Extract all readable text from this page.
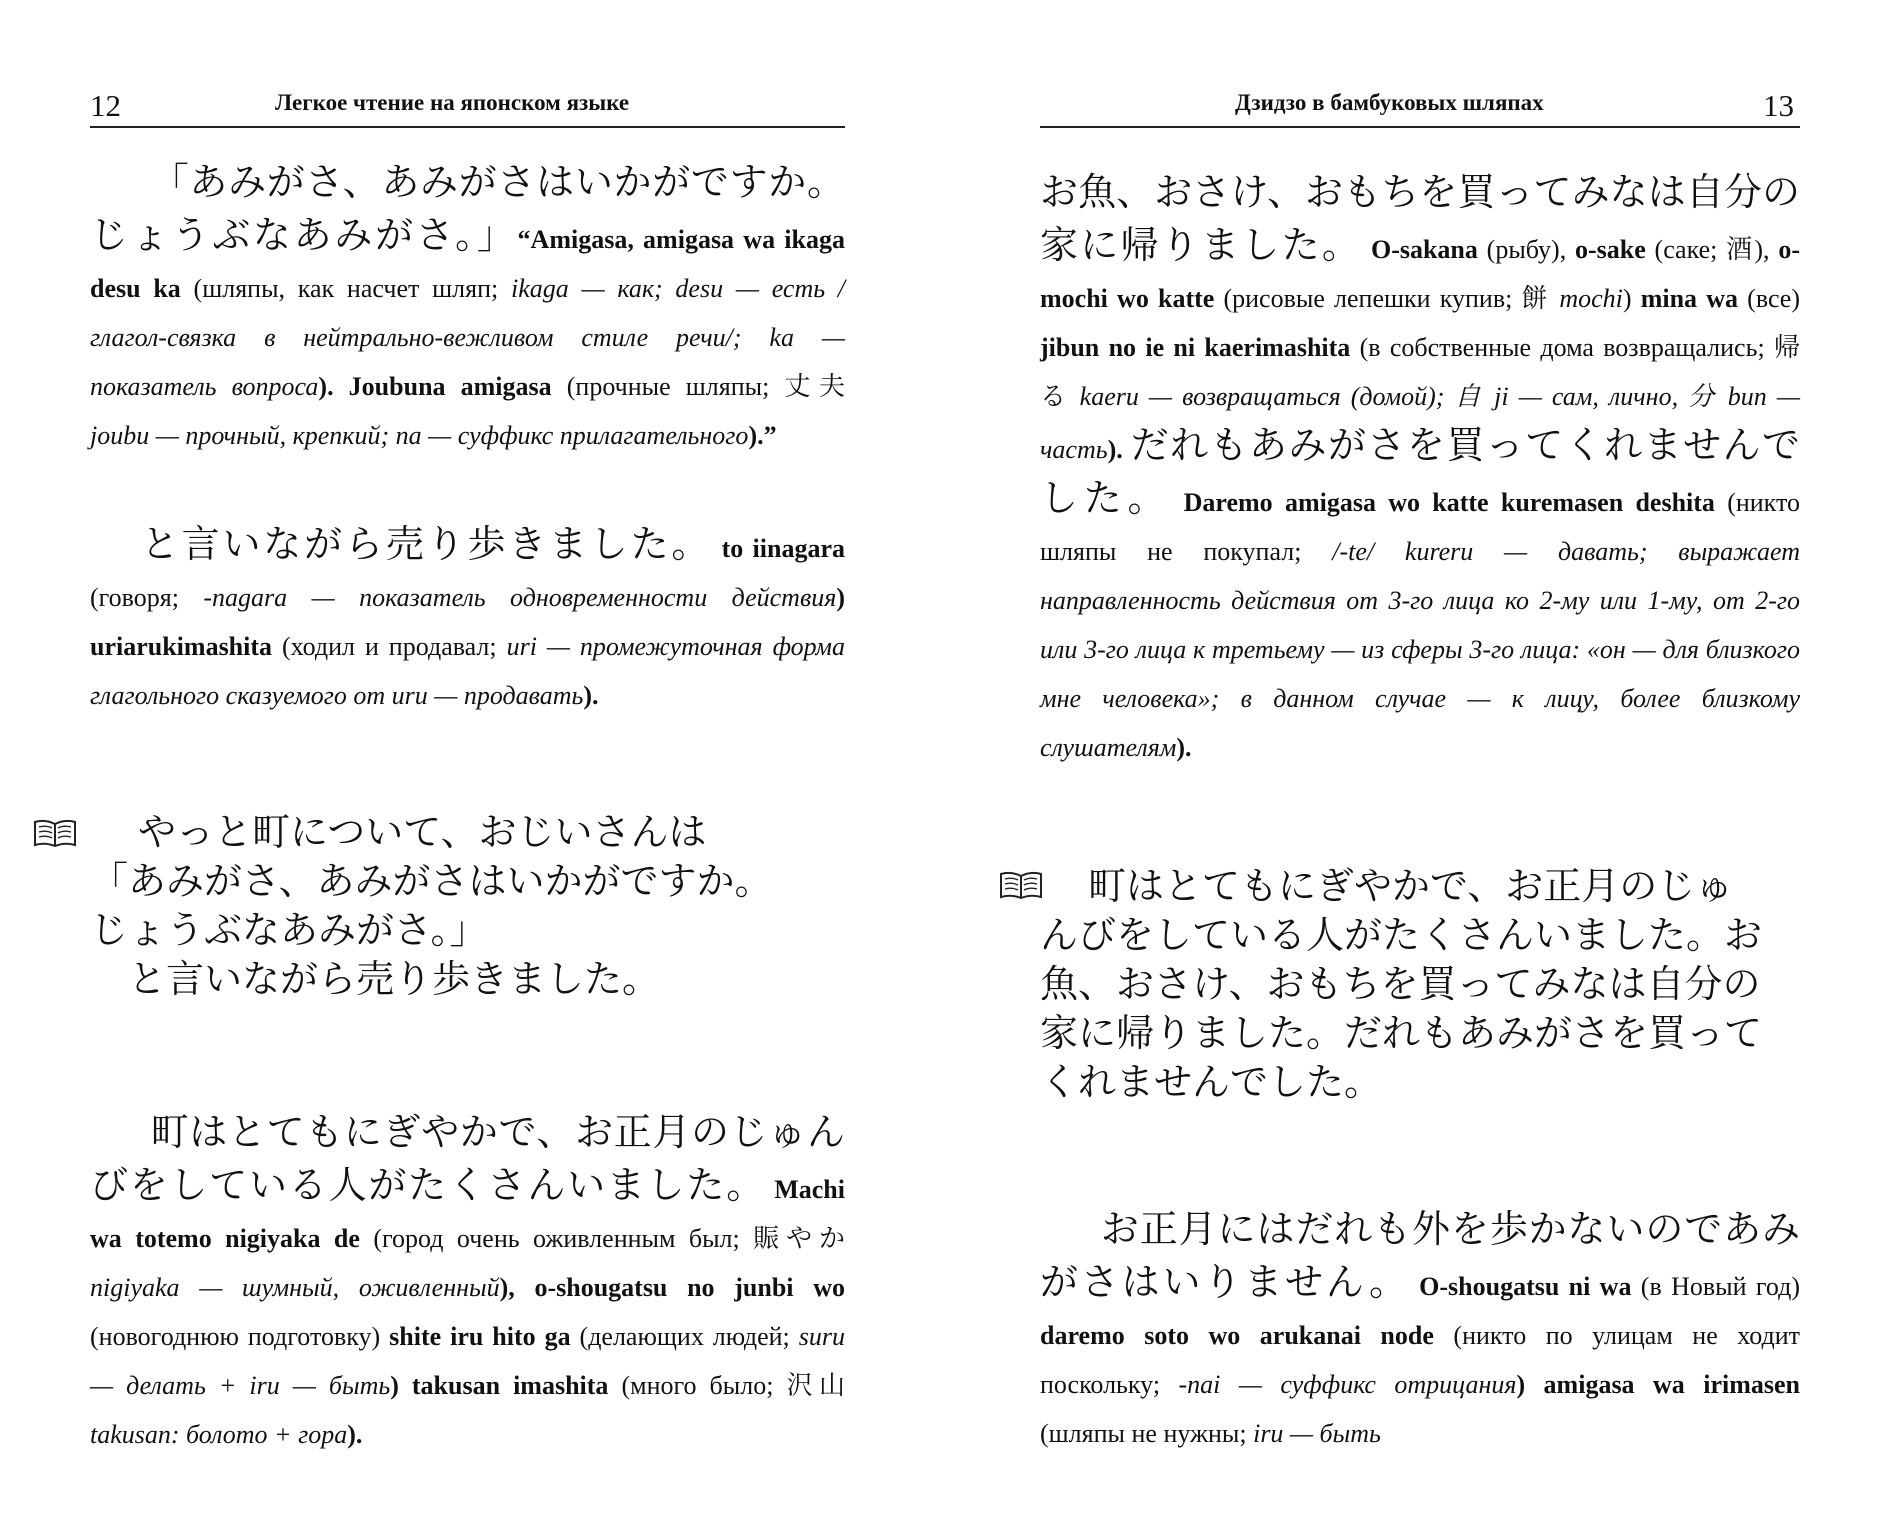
12	Легкое чтение на японском языке
「あみがさ、あみがさはいかがですか。じょうぶなあみがさ。」“Amigasa, amigasa wa ikaga desu ka (шляпы, как насчет шляп; ikaga — как; desu — есть /глагол-связка в нейтрально-вежливом стиле речи/; ka — показатель вопроса). Joubuna amigasa (прочные шляпы; 丈夫 joubu — прочный, крепкий; na — суффикс прилагательного).”
と言いながら売り歩きました。 to iinagara (говоря; -nagara — показатель одновременности действия) uriarukimashita (ходил и продавал; uri — промежуточная форма глагольного сказуемого от uru — продавать).
やっと町について、おじいさんは
「あみがさ、あみがさはいかがですか。
じょうぶなあみがさ。」
　と言いながら売り歩きました。
町はとてもにぎやかで、お正月のじゅんびをしている人がたくさんいました。 Machi wa totemo nigiyaka de (город очень оживленным был; 賑やか nigiyaka — шумный, оживленный), o-shougatsu no junbi wo (новогоднюю подготовку) shite iru hito ga (делающих людей; suru — делать + iru — быть) takusan imashita (много было; 沢山 takusan: болото + гора).
Дзидзо в бамбуковых шляпах	13
お魚、おさけ、おもちを買ってみなは自分の家に帰りました。 O-sakana (рыбу), o-sake (саке; 酒), o-mochi wo katte (рисовые лепешки купив; 餅 mochi) mina wa (все) jibun no ie ni kaerimashita (в собственные дома возвращались; 帰る kaeru — возвращаться (домой); 自 ji — сам, лично, 分 bun — часть). だれもあみがさを買ってくれませんでした。 Daremo amigasa wo katte kuremasen deshita (никто шляпы не покупал; /-te/ kureru — давать; выражает направленность действия от 3-го лица ко 2-му или 1-му, от 2-го или 3-го лица к третьему — из сферы 3-го лица: «он — для близкого мне человека»; в данном случае — к лицу, более близкому слушателям).
町はとてもにぎやかで、お正月のじゅ
んびをしている人がたくさんいました。お
魚、おさけ、おもちを買ってみなは自分の
家に帰りました。だれもあみがさを買って
くれませんでした。
お正月にはだれも外を歩かないのであみがさはいりません。 O-shougatsu ni wa (в Новый год) daremo soto wo arukanai node (никто по улицам не ходит поскольку; -nai — суффикс отрицания) amigasa wa irimasen (шляпы не нужны; iru — быть
